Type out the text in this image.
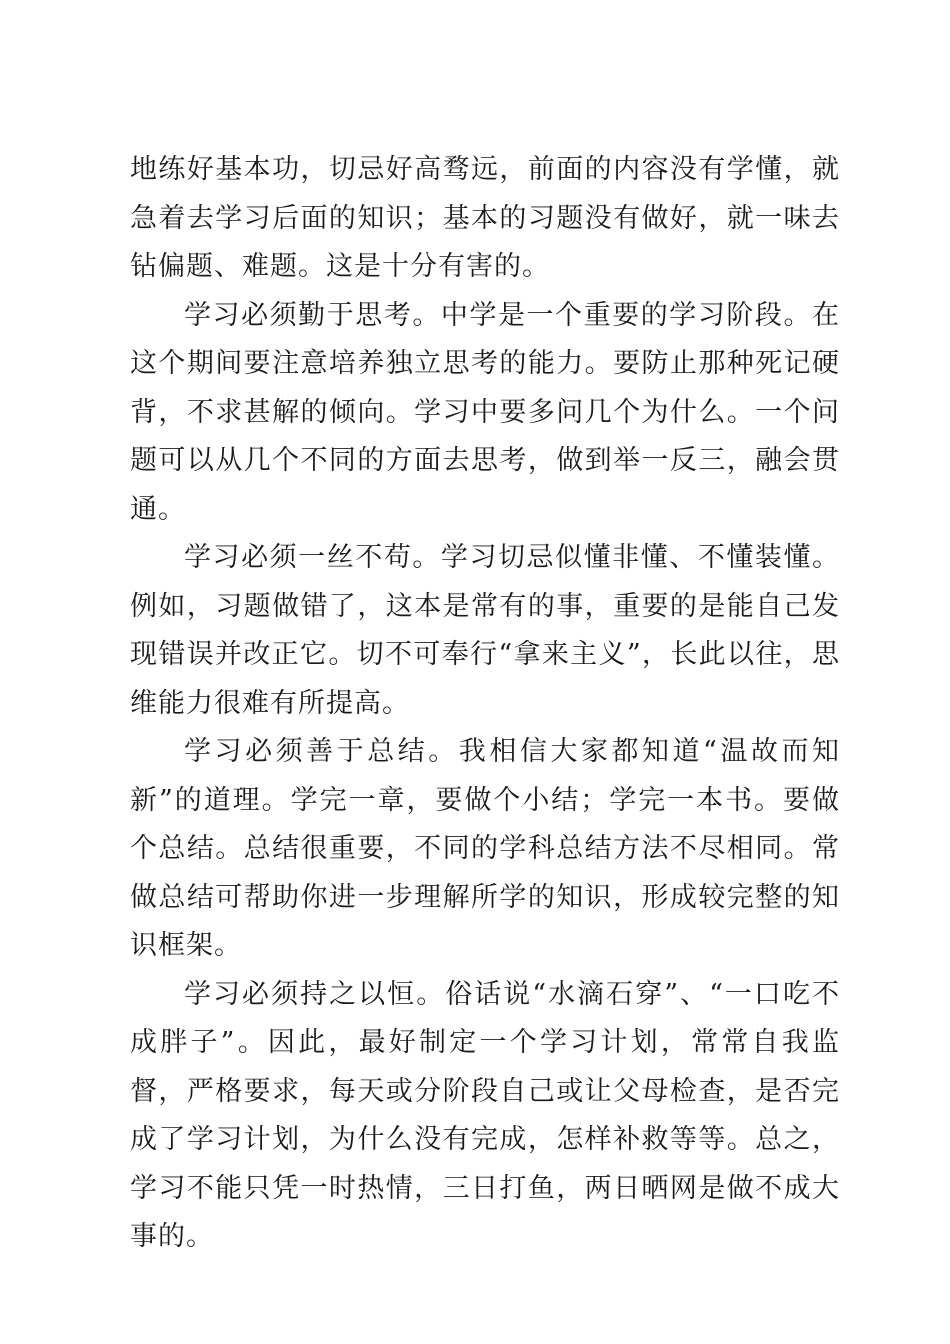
地练好基本功，切忌好高骛远，前面的内容没有学懂，就急着去学习后面的知识；基本的习题没有做好，就一味去钻偏题、难题。这是十分有害的。

学习必须勤于思考。中学是一个重要的学习阶段。在这个期间要注意培养独立思考的能力。要防止那种死记硬背，不求甚解的倾向。学习中要多问几个为什么。一个问题可以从几个不同的方面去思考，做到举一反三，融会贯通。

学习必须一丝不苟。学习切忌似懂非懂、不懂装懂。例如，习题做错了，这本是常有的事，重要的是能自己发现错误并改正它。切不可奉行“拿来主义”，长此以往，思维能力很难有所提高。

学习必须善于总结。我相信大家都知道“温故而知新”的道理。学完一章，要做个小结；学完一本书。要做个总结。总结很重要，不同的学科总结方法不尽相同。常做总结可帮助你进一步理解所学的知识，形成较完整的知识框架。

学习必须持之以恒。俗话说“水滴石穿”、“一口吃不成胖子”。因此，最好制定一个学习计划，常常自我监督，严格要求，每天或分阶段自己或让父母检查，是否完成了学习计划，为什么没有完成，怎样补救等等。总之，学习不能只凭一时热情，三日打鱼，两日晒网是做不成大事的。
